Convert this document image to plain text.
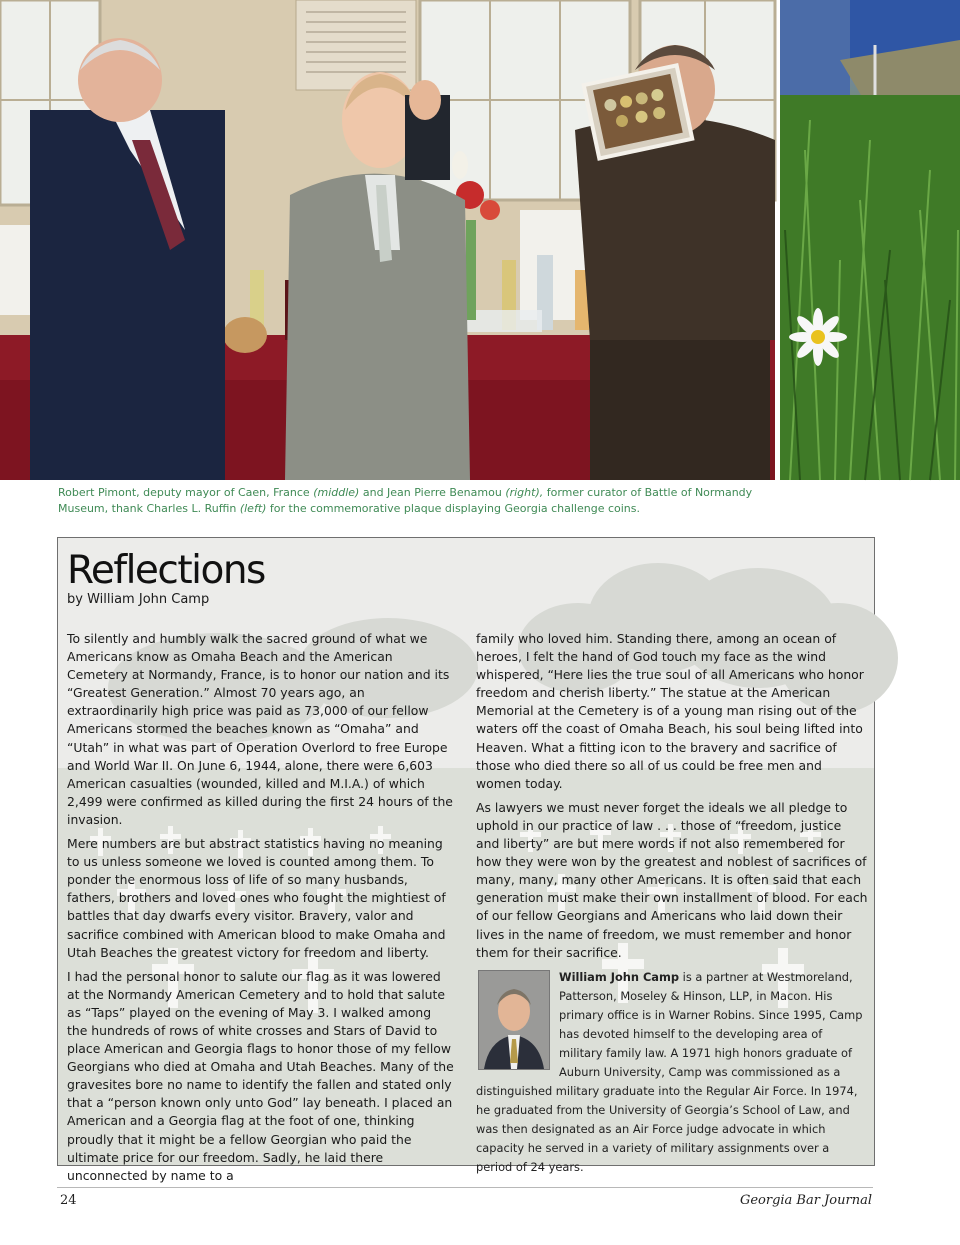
Robert Pimont, deputy mayor of Caen, France (middle) and Jean Pierre Benamou (right), former curator of Battle of Normandy Museum, thank Charles L. Ruffin (left) for the commemorative plaque displaying Georgia challenge coins.
Reflections
by William John Camp

To silently and humbly walk the sacred ground of what we Americans know as Omaha Beach and the American Cemetery at Normandy, France, is to honor our nation and its “Greatest Generation.” Almost 70 years ago, an extraordinarily high price was paid as 73,000 of our fellow Americans stormed the beaches known as “Omaha” and “Utah” in what was part of Operation Overlord to free Europe and World War II. On June 6, 1944, alone, there were 6,603 American casualties (wounded, killed and M.I.A.) of which 2,499 were confirmed as killed during the first 24 hours of the invasion.

Mere numbers are but abstract statistics having no meaning to us unless someone we loved is counted among them. To ponder the enormous loss of life of so many husbands, fathers, brothers and loved ones who fought the mightiest of battles that day dwarfs every visitor. Bravery, valor and sacrifice combined with American blood to make Omaha and Utah Beaches the greatest victory for freedom and liberty.

I had the personal honor to salute our flag as it was lowered at the Normandy American Cemetery and to hold that salute as “Taps” played on the evening of May 3. I walked among the hundreds of rows of white crosses and Stars of David to place American and Georgia flags to honor those of my fellow Georgians who died at Omaha and Utah Beaches. Many of the gravesites bore no name to identify the fallen and stated only that a “person known only unto God” lay beneath. I placed an American and a Georgia flag at the foot of one, thinking proudly that it might be a fellow Georgian who paid the ultimate price for our freedom. Sadly, he laid there unconnected by name to a

family who loved him. Standing there, among an ocean of heroes, I felt the hand of God touch my face as the wind whispered, “Here lies the true soul of all Americans who honor freedom and cherish liberty.” The statue at the American Memorial at the Cemetery is of a young man rising out of the waters off the coast of Omaha Beach, his soul being lifted into Heaven. What a fitting icon to the bravery and sacrifice of those who died there so all of us could be free men and women today.

As lawyers we must never forget the ideals we all pledge to uphold in our practice of law . . . those of “freedom, justice and liberty” are but mere words if not also remembered for how they were won by the greatest and noblest of sacrifices of many, many, many other Americans. It is often said that each generation must make their own installment of blood. For each of our fellow Georgians and Americans who laid down their lives in the name of freedom, we must remember and honor them for their sacrifice.

William John Camp is a partner at Westmoreland, Patterson, Moseley & Hinson, LLP, in Macon. His primary office is in Warner Robins. Since 1995, Camp has devoted himself to the developing area of military family law. A 1971 high honors graduate of Auburn University, Camp was commissioned as a distinguished military graduate into the Regular Air Force. In 1974, he graduated from the University of Georgia’s School of Law, and was then designated as an Air Force judge advocate in which capacity he served in a variety of military assignments over a period of 24 years.
24	Georgia Bar Journal
